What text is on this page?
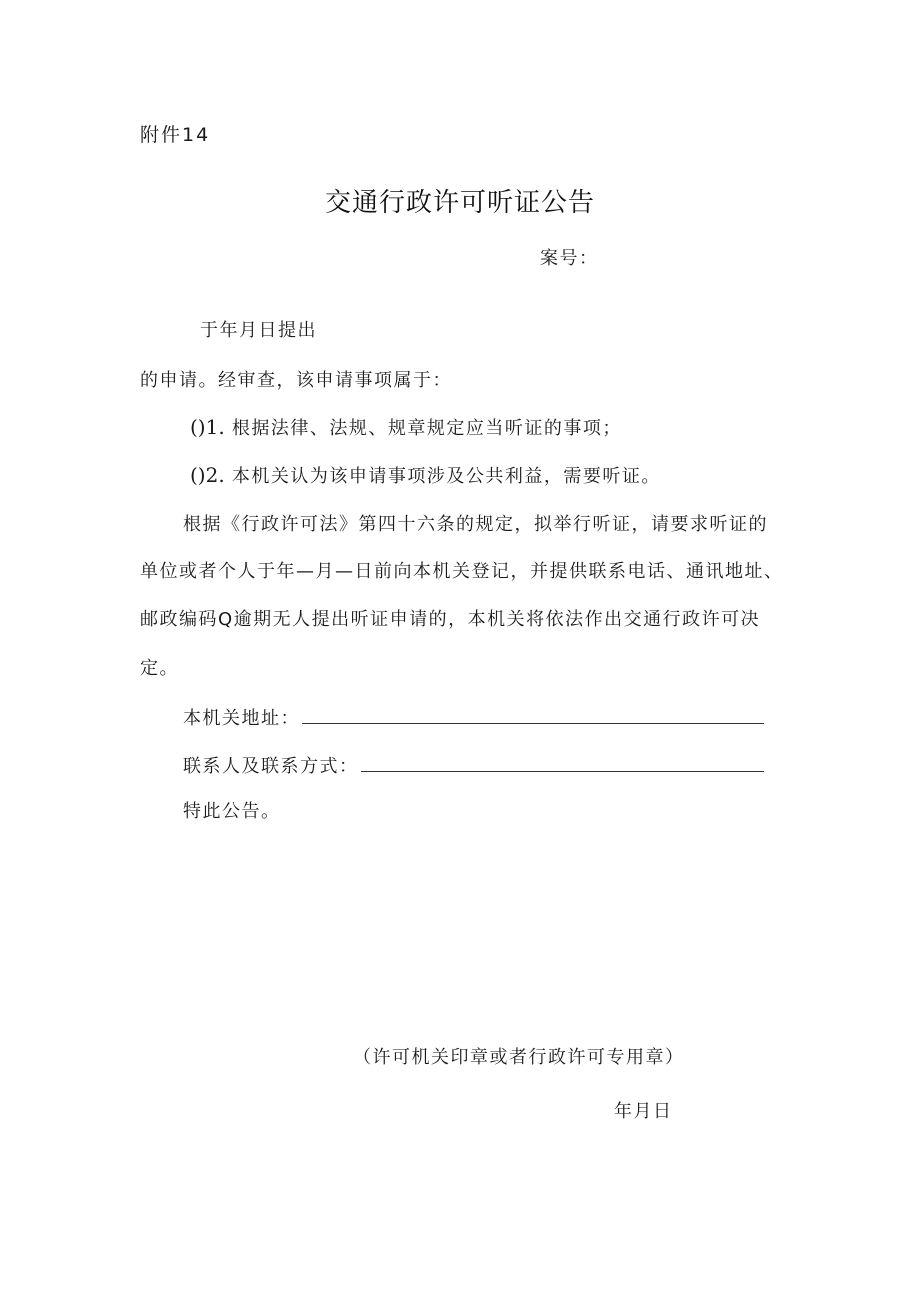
附件14
交通行政许可听证公告
案号：
于年月日提出
的申请。经审查，该申请事项属于：
()1. 根据法律、法规、规章规定应当听证的事项；
()2. 本机关认为该申请事项涉及公共利益，需要听证。
根据《行政许可法》第四十六条的规定，拟举行听证，请要求听证的
单位或者个人于年—月—日前向本机关登记，并提供联系电话、通讯地址、
邮政编码Q逾期无人提出听证申请的，本机关将依法作出交通行政许可决
定。
本机关地址：
联系人及联系方式：
特此公告。
（许可机关印章或者行政许可专用章）
年月日
